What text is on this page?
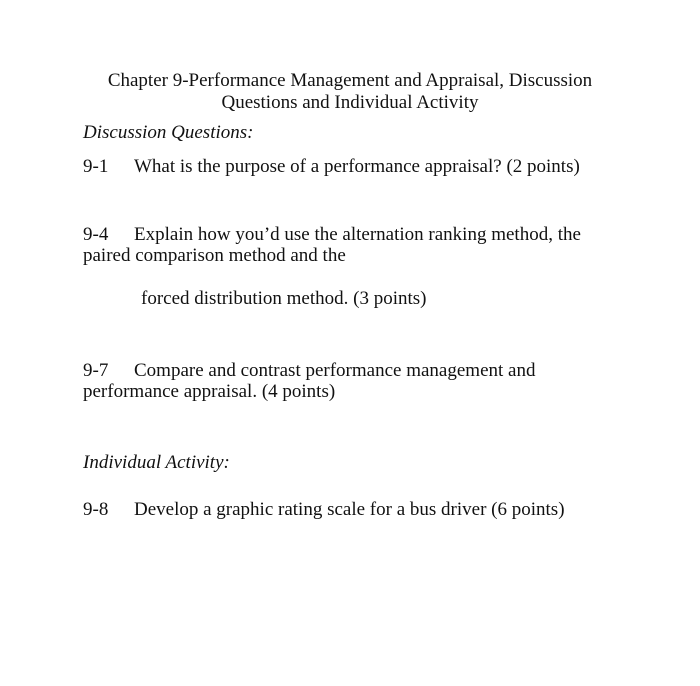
Chapter 9-Performance Management and Appraisal, Discussion
Questions and Individual Activity
Discussion Questions:
9-1 What is the purpose of a performance appraisal? (2 points)
9-4 Explain how you’d use the alternation ranking method, the
paired comparison method and the
forced distribution method. (3 points)
9-7 Compare and contrast performance management and
performance appraisal. (4 points)
Individual Activity:
9-8 Develop a graphic rating scale for a bus driver (6 points)
